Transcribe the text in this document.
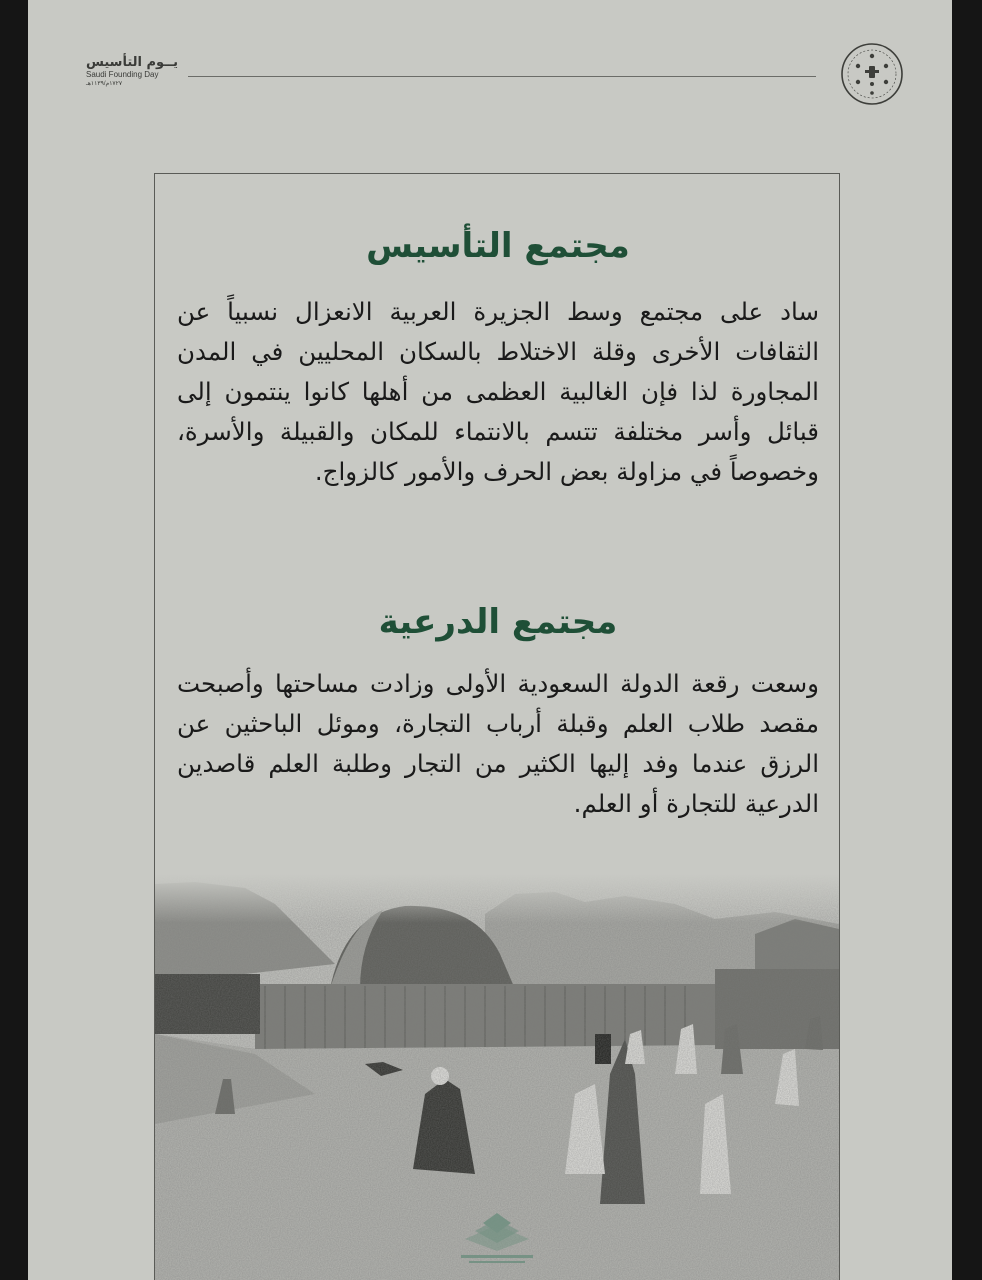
يــوم التأسيس
Saudi Founding Day
١٧٢٧م/١١٣٩هـ
مجتمع التأسيس

ساد على مجتمع وسط الجزيرة العربية الانعزال نسبياً عن الثقافات الأخرى وقلة الاختلاط بالسكان المحليين في المدن المجاورة لذا فإن الغالبية العظمى من أهلها كانوا ينتمون إلى قبائل وأسر مختلفة تتسم بالانتماء للمكان والقبيلة والأسرة، وخصوصاً في مزاولة بعض الحرف والأمور كالزواج.

مجتمع الدرعية

وسعت رقعة الدولة السعودية الأولى وزادت مساحتها وأصبحت مقصد طلاب العلم وقبلة أرباب التجارة، وموئل الباحثين عن الرزق عندما وفد إليها الكثير من التجار وطلبة العلم قاصدين الدرعية للتجارة أو العلم.
